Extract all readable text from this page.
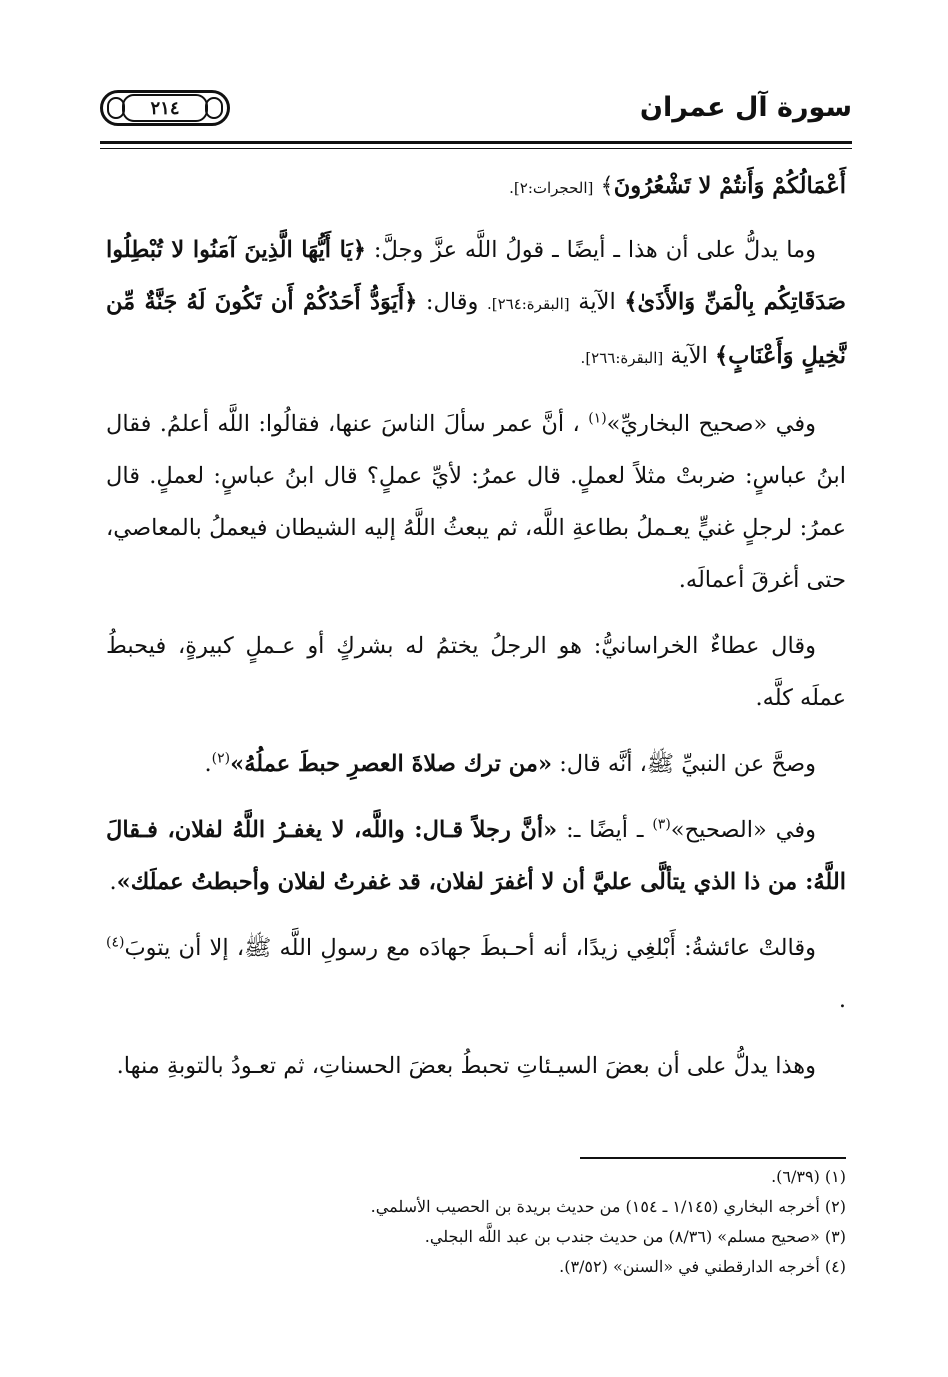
سورة آل عمران
٢١٤

أَعْمَالُكُمْ وَأَنتُمْ لا تَشْعُرُونَ﴾ [الحجرات:٢].

وما يدلُّ على أن هذا ـ أيضًا ـ قولُ اللَّه عزَّ وجلَّ: ﴿يَا أَيُّهَا الَّذِينَ آمَنُوا لا تُبْطِلُوا صَدَقَاتِكُم بِالْمَنِّ وَالأَذَىٰ﴾ الآية [البقرة:٢٦٤]. وقال: ﴿أَيَوَدُّ أَحَدُكُمْ أَن تَكُونَ لَهُ جَنَّةٌ مِّن نَّخِيلٍ وَأَعْنَابٍ﴾ الآية [البقرة:٢٦٦].

وفي «صحيح البخاريِّ»$^{(١)}$ ، أنَّ عمر سألَ الناسَ عنها، فقالُوا: اللَّه أعلمُ. فقال ابنُ عباسٍ: ضربتْ مثلاً لعملٍ. قال عمرُ: لأيِّ عملٍ؟ قال ابنُ عباسٍ: لعملٍ. قال عمرُ: لرجلٍ غنيٍّ يعـملُ بطاعةِ اللَّه، ثم يبعثُ اللَّهُ إليه الشيطان فيعملُ بالمعاصي، حتى أغرقَ أعمالَه.

وقال عطاءٌ الخراسانيُّ: هو الرجلُ يختمُ له بشركٍ أو عـملٍ كبيرةٍ، فيحبطُ عملَه كلَّه.

وصحَّ عن النبيِّ ﷺ، أنَّه قال: «من ترك صلاةَ العصرِ حبطَ عملُهُ»$^{(٢)}$.

وفي «الصحيح»$^{(٣)}$ ـ أيضًا ـ: «أنَّ رجلاً قـال: واللَّه، لا يغفـرُ اللَّهُ لفلان، فـقالَ اللَّهُ: من ذا الذي يتألَّى عليَّ أن لا أغفرَ لفلان، قد غفرتُ لفلان وأحبطتُ عملَك».

وقالتْ عائشةُ: أَبْلغِي زيدًا، أنه أحـبطَ جهادَه مع رسولِ اللَّه ﷺ، إلا أن يتوبَ$^{(٤)}$ .

وهذا يدلُّ على أن بعضَ السيـئاتِ تحبطُ بعضَ الحسناتِ، ثم تعـودُ بالتوبةِ منها.

(١) (٦/٣٩).

(٢) أخرجه البخاري (١/١٤٥ ـ ١٥٤) من حديث بريدة بن الحصيب الأسلمي.

(٣) «صحيح مسلم» (٨/٣٦) من حديث جندب بن عبد اللَّه البجلي.

(٤) أخرجه الدارقطني في «السنن» (٣/٥٢).
